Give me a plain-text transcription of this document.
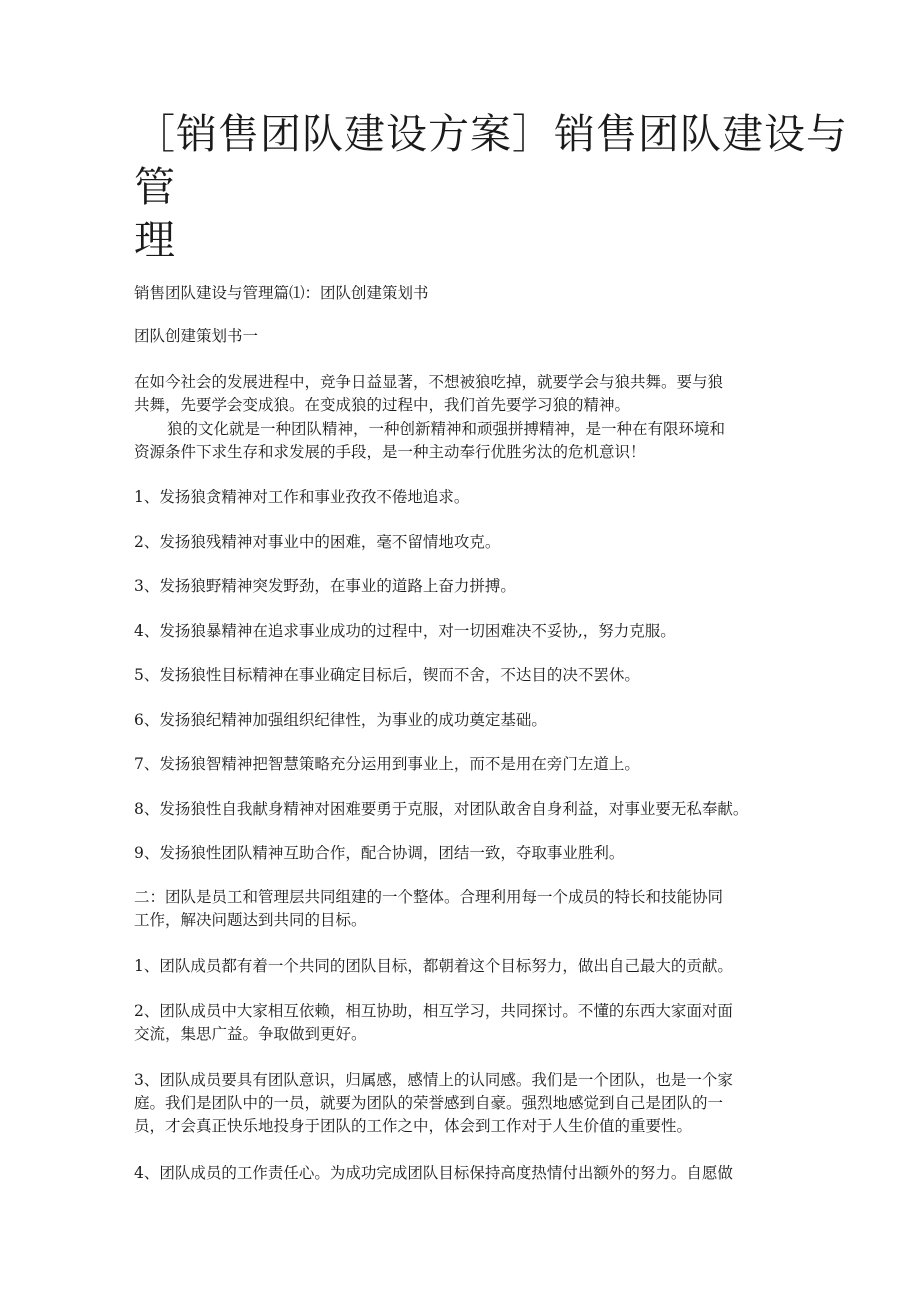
［销售团队建设方案］销售团队建设与
管
理

销售团队建设与管理篇⑴：团队创建策划书

团队创建策划书一

在如今社会的发展进程中，竞争日益显著，不想被狼吃掉，就要学会与狼共舞。要与狼
共舞，先要学会变成狼。在变成狼的过程中，我们首先要学习狼的精神。

狼的文化就是一种团队精神，一种创新精神和顽强拼搏精神，是一种在有限环境和
资源条件下求生存和求发展的手段，是一种主动奉行优胜劣汰的危机意识！

1、发扬狼贪精神对工作和事业孜孜不倦地追求。

2、发扬狼残精神对事业中的困难，毫不留情地攻克。

3、发扬狼野精神突发野劲，在事业的道路上奋力拼搏。

4、发扬狼暴精神在追求事业成功的过程中，对一切困难决不妥协,，努力克服。

5、发扬狼性目标精神在事业确定目标后，锲而不舍，不达目的决不罢休。

6、发扬狼纪精神加强组织纪律性，为事业的成功奠定基础。

7、发扬狼智精神把智慧策略充分运用到事业上，而不是用在旁门左道上。

8、发扬狼性自我献身精神对困难要勇于克服，对团队敢舍自身利益，对事业要无私奉献。

9、发扬狼性团队精神互助合作，配合协调，团结一致，夺取事业胜利。

二：团队是员工和管理层共同组建的一个整体。合理利用每一个成员的特长和技能协同
工作，解决问题达到共同的目标。

1、团队成员都有着一个共同的团队目标，都朝着这个目标努力，做出自己最大的贡献。

2、团队成员中大家相互依赖，相互协助，相互学习，共同探讨。不懂的东西大家面对面
交流，集思广益。争取做到更好。

3、团队成员要具有团队意识，归属感，感情上的认同感。我们是一个团队，也是一个家
庭。我们是团队中的一员，就要为团队的荣誉感到自豪。强烈地感觉到自己是团队的一
员，才会真正快乐地投身于团队的工作之中，体会到工作对于人生价值的重要性。

4、团队成员的工作责任心。为成功完成团队目标保持高度热情付出额外的努力。自愿做
